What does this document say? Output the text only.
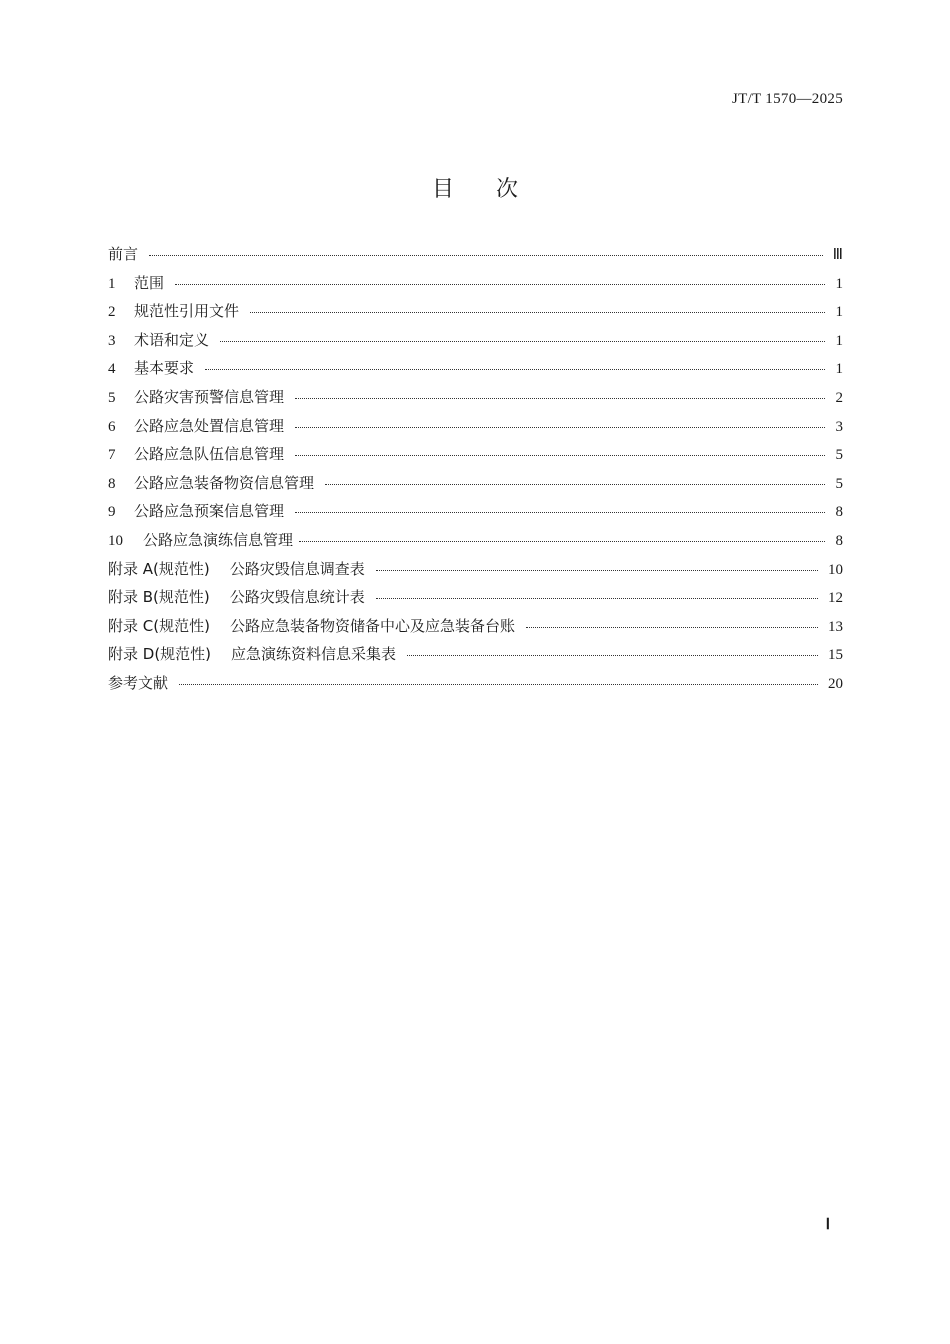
JT/T 1570—2025
目 次
前言	Ⅲ
1	范围	1
2	规范性引用文件	1
3	术语和定义	1
4	基本要求	1
5	公路灾害预警信息管理	2
6	公路应急处置信息管理	3
7	公路应急队伍信息管理	5
8	公路应急装备物资信息管理	5
9	公路应急预案信息管理	8
10	公路应急演练信息管理	8
附录 A(规范性) 公路灾毁信息调查表	10
附录 B(规范性) 公路灾毁信息统计表	12
附录 C(规范性) 公路应急装备物资储备中心及应急装备台账	13
附录 D(规范性) 应急演练资料信息采集表	15
参考文献	20
Ⅰ
